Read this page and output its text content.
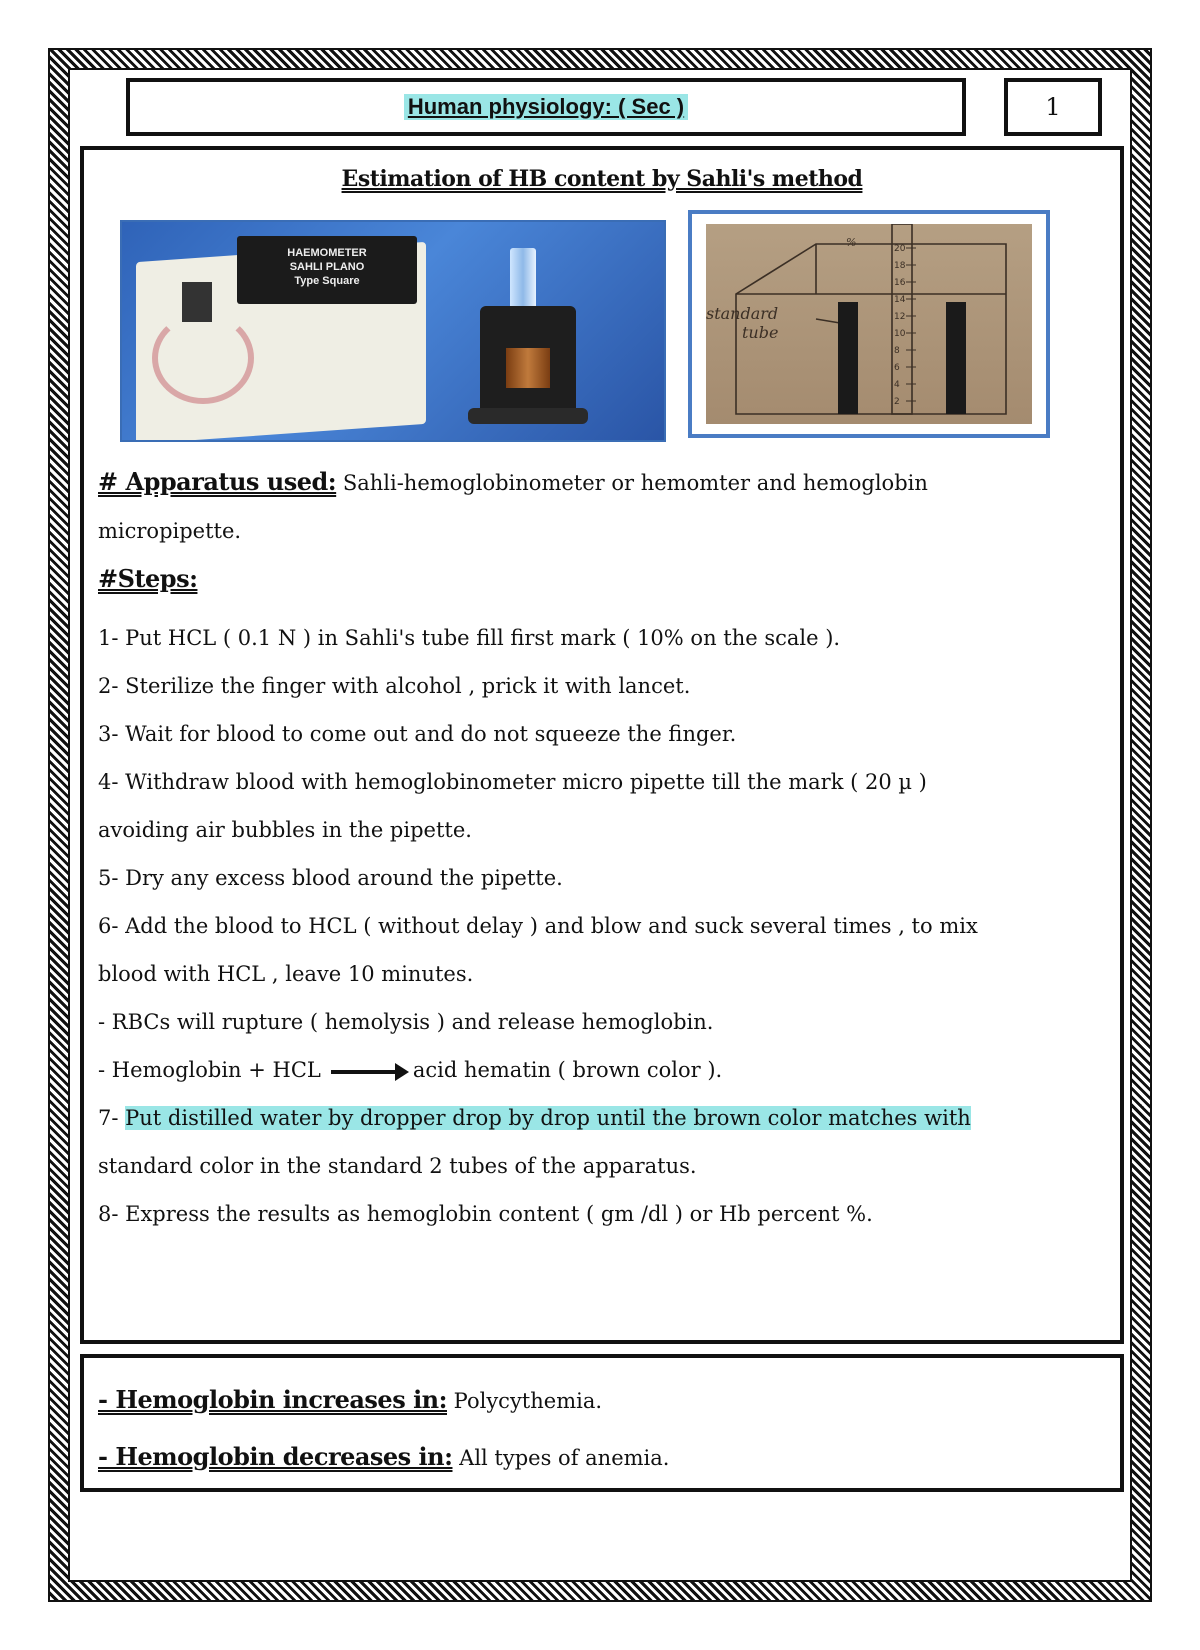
Human physiology: ( Sec )	1
Estimation of HB content by Sahli's method
HAEMOMETER
SAHLI PLANO
Type Square
%
standard
tube
20
18
16
14
12
10
8
6
4
2
# Apparatus used: Sahli-hemoglobinometer or hemomter and hemoglobin
micropipette.
#Steps:
1- Put HCL ( 0.1 N ) in Sahli's tube fill first mark ( 10% on the scale ).
2- Sterilize the finger with alcohol , prick it with lancet.
3- Wait for blood to come out and do not squeeze the finger.
4- Withdraw blood with hemoglobinometer micro pipette till the mark ( 20 µ )
avoiding air bubbles in the pipette.
5- Dry any excess blood around the pipette.
6- Add the blood to HCL ( without delay ) and blow and suck several times , to mix
blood with HCL , leave 10 minutes.
- RBCs will rupture ( hemolysis ) and release hemoglobin.
- Hemoglobin + HCL	acid hematin ( brown color ).
7- Put distilled water by dropper drop by drop until the brown color matches with
standard color in the standard 2 tubes of the apparatus.
8- Express the results as hemoglobin content ( gm /dl ) or Hb percent %.
- Hemoglobin increases in: Polycythemia.
- Hemoglobin decreases in: All types of anemia.
